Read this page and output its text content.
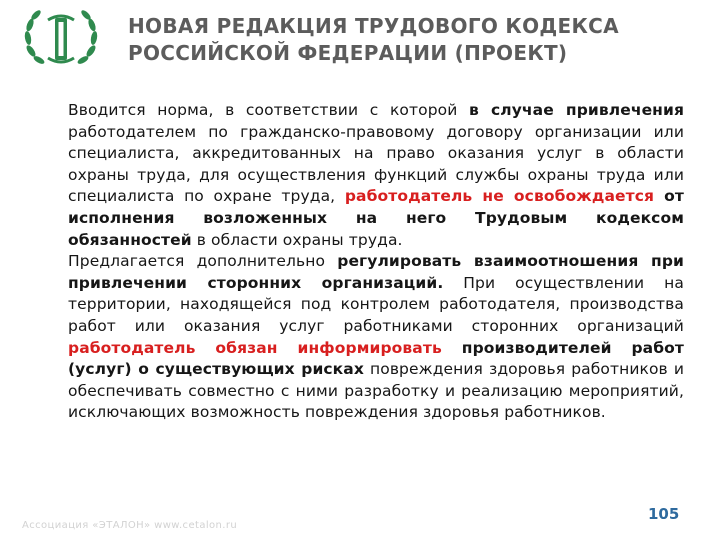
НОВАЯ РЕДАКЦИЯ ТРУДОВОГО КОДЕКСА
РОССИЙСКОЙ ФЕДЕРАЦИИ (ПРОЕКТ)

Вводится норма, в соответствии с которой в случае привлечения работодателем по гражданско-правовому договору организации или специалиста, аккредитованных на право оказания услуг в области охраны труда, для осуществления функций службы охраны труда или специалиста по охране труда, работодатель не освобождается от исполнения возложенных на него Трудовым кодексом обязанностей в области охраны труда.

Предлагается дополнительно регулировать взаимоотношения при привлечении сторонних организаций. При осуществлении на территории, находящейся под контролем работодателя, производства работ или оказания услуг работниками сторонних организаций работодатель обязан информировать производителей работ (услуг) о существующих рисках повреждения здоровья работников и обеспечивать совместно с ними разработку и реализацию мероприятий, исключающих возможность повреждения здоровья работников.

Ассоциация «ЭТАЛОН» www.cetalon.ru
105
